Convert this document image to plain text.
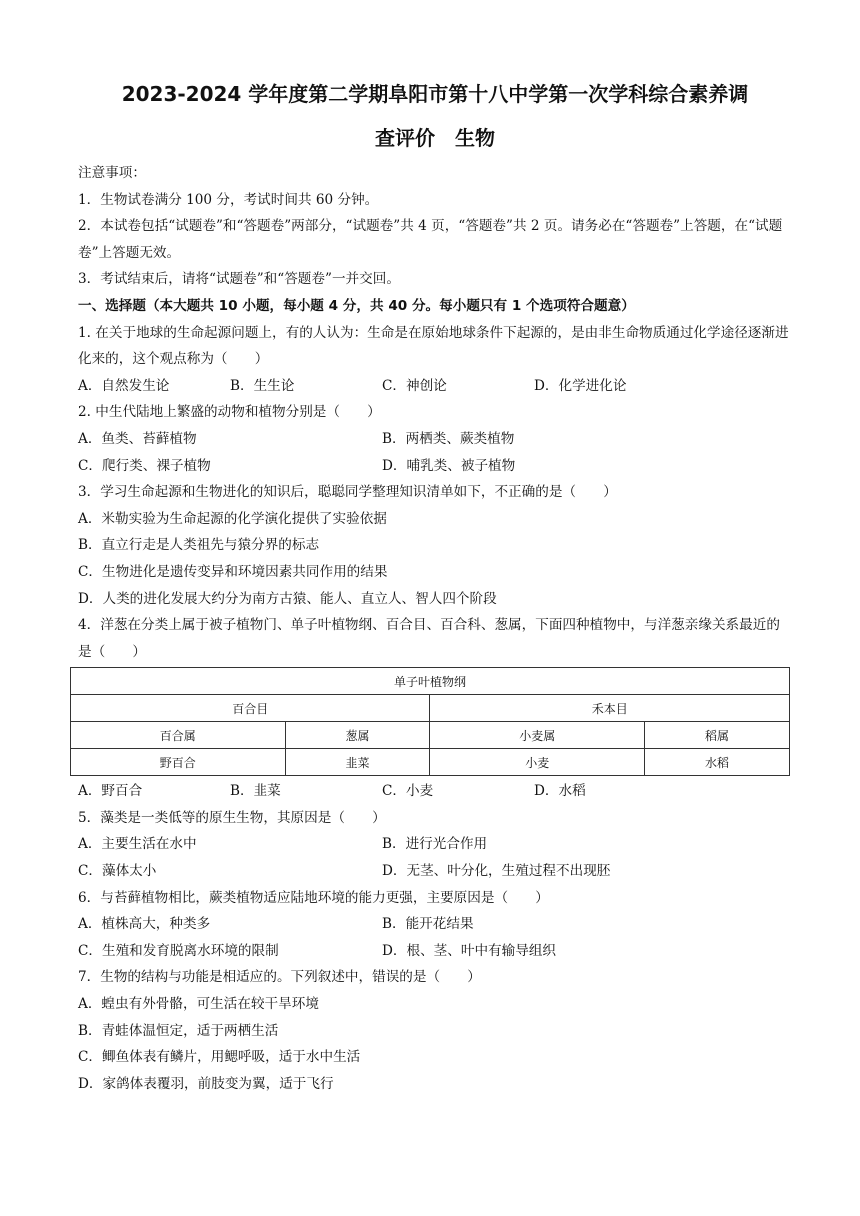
2023-2024 学年度第二学期阜阳市第十八中学第一次学科综合素养调

查评价　生物

注意事项：

1．生物试卷满分 100 分，考试时间共 60 分钟。

2．本试卷包括“试题卷”和“答题卷”两部分，“试题卷”共 4 页，“答题卷”共 2 页。请务必在“答题卷”上答题，在“试题卷”上答题无效。

3．考试结束后，请将“试题卷”和“答题卷”一并交回。

一、选择题（本大题共 10 小题，每小题 4 分，共 40 分。每小题只有 1 个选项符合题意）

1. 在关于地球的生命起源问题上，有的人认为：生命是在原始地球条件下起源的，是由非生命物质通过化学途径逐渐进化来的，这个观点称为（　　）

A．自然发生论	B．生生论	C．神创论	D．化学进化论

2. 中生代陆地上繁盛的动物和植物分别是（　　）

A．鱼类、苔藓植物	B．两栖类、蕨类植物
C．爬行类、裸子植物	D．哺乳类、被子植物

3．学习生命起源和生物进化的知识后，聪聪同学整理知识清单如下，不正确的是（　　）

A．米勒实验为生命起源的化学演化提供了实验依据

B．直立行走是人类祖先与猿分界的标志

C．生物进化是遗传变异和环境因素共同作用的结果

D．人类的进化发展大约分为南方古猿、能人、直立人、智人四个阶段

4．洋葱在分类上属于被子植物门、单子叶植物纲、百合目、百合科、葱属，下面四种植物中，与洋葱亲缘关系最近的是（　　）

单子叶植物纲			
百合目		禾本目	
百合属	葱属	小麦属	稻属
野百合	韭菜	小麦	水稻
A．野百合	B．韭菜	C．小麦	D．水稻

5．藻类是一类低等的原生生物，其原因是（　　）

A．主要生活在水中	B．进行光合作用
C．藻体太小	D．无茎、叶分化，生殖过程不出现胚

6．与苔藓植物相比，蕨类植物适应陆地环境的能力更强，主要原因是（　　）

A．植株高大，种类多	B．能开花结果
C．生殖和发育脱离水环境的限制	D．根、茎、叶中有输导组织

7．生物的结构与功能是相适应的。下列叙述中，错误的是（　　）

A．蝗虫有外骨骼，可生活在较干旱环境

B．青蛙体温恒定，适于两栖生活

C．鲫鱼体表有鳞片，用鳃呼吸，适于水中生活

D．家鸽体表覆羽，前肢变为翼，适于飞行
